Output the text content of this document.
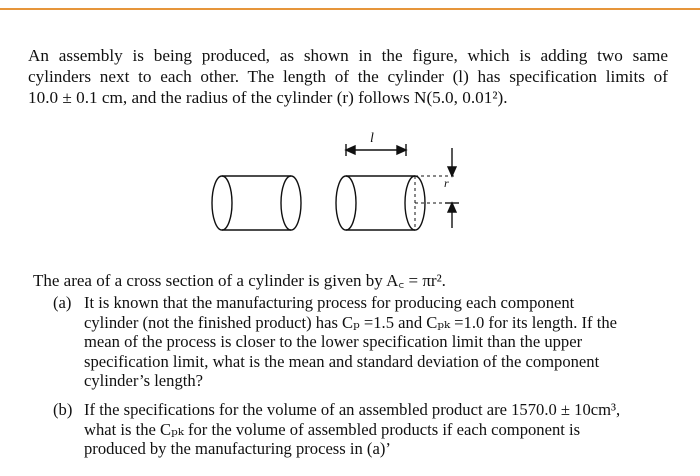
An assembly is being produced, as shown in the figure, which is adding two same
cylinders next to each other. The length of the cylinder (l) has specification limits of
10.0 ± 0.1 cm, and the radius of the cylinder (r) follows N(5.0, 0.01²).
l
r
The area of a cross section of a cylinder is given by A꜀ = πr².
(a) It is known that the manufacturing process for producing each component
cylinder (not the finished product) has Cₚ =1.5 and Cₚₖ =1.0 for its length. If the
mean of the process is closer to the lower specification limit than the upper
specification limit, what is the mean and standard deviation of the component
cylinder’s length?
(b) If the specifications for the volume of an assembled product are 1570.0 ± 10cm³,
what is the Cₚₖ for the volume of assembled products if each component is
produced by the manufacturing process in (a)’
